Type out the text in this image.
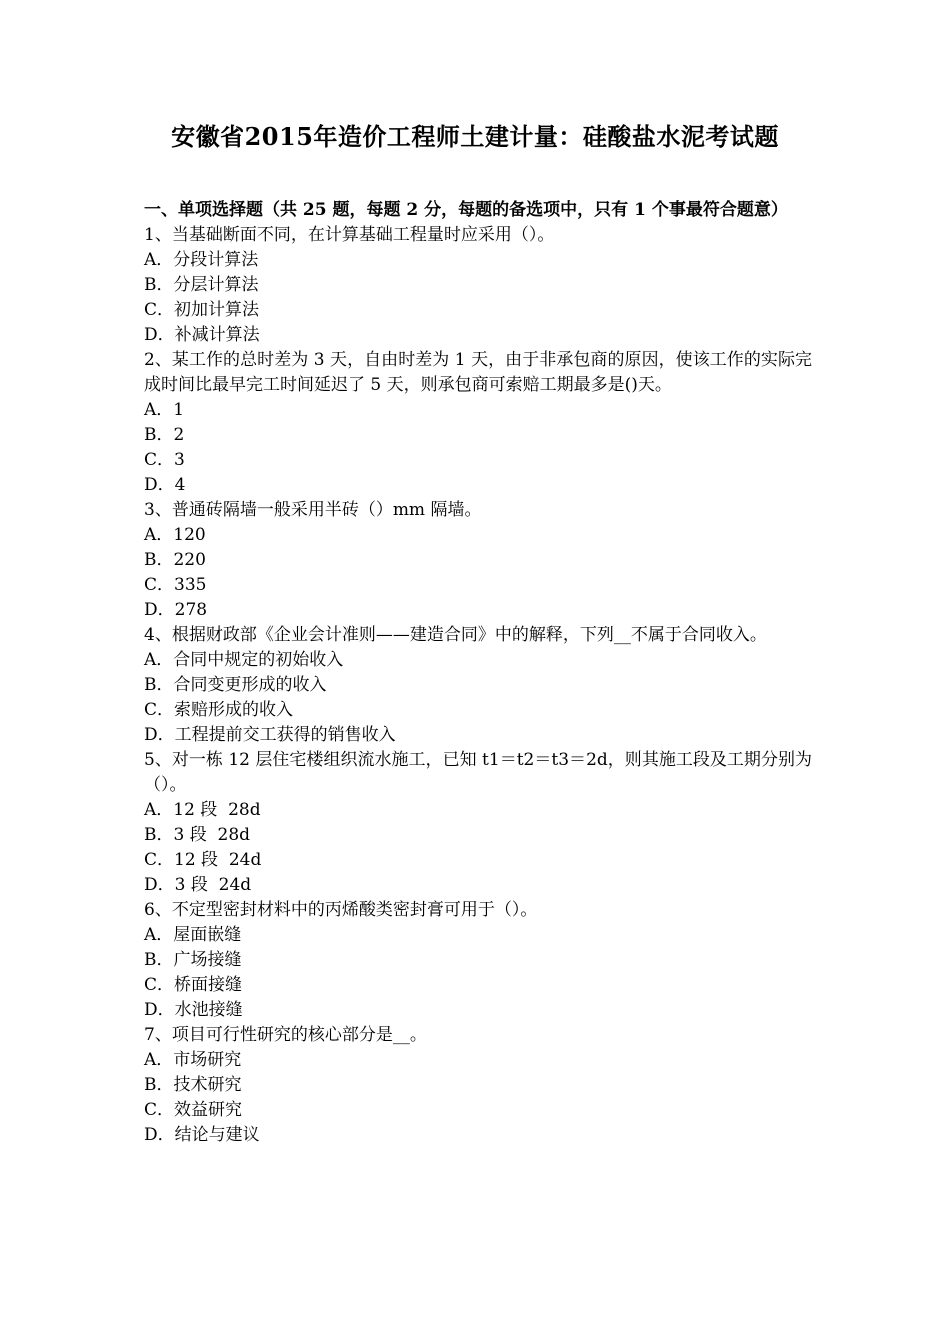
安徽省2015年造价工程师土建计量：硅酸盐水泥考试题

一、单项选择题（共 25 题，每题 2 分，每题的备选项中，只有 1 个事最符合题意）

1、当基础断面不同，在计算基础工程量时应采用（）。

A．分段计算法

B．分层计算法

C．初加计算法

D．补减计算法

2、某工作的总时差为 3 天，自由时差为 1 天，由于非承包商的原因，使该工作的实际完成时间比最早完工时间延迟了 5 天，则承包商可索赔工期最多是()天。

A．1

B．2

C．3

D．4

3、普通砖隔墙一般采用半砖（）mm 隔墙。

A．120

B．220

C．335

D．278

4、根据财政部《企业会计准则——建造合同》中的解释，下列__不属于合同收入。

A．合同中规定的初始收入

B．合同变更形成的收入

C．索赔形成的收入

D．工程提前交工获得的销售收入

5、对一栋 12 层住宅楼组织流水施工，已知 t1＝t2＝t3＝2d，则其施工段及工期分别为（）。

A．12 段  28d

B．3 段  28d

C．12 段  24d

D．3 段  24d

6、不定型密封材料中的丙烯酸类密封膏可用于（）。

A．屋面嵌缝

B．广场接缝

C．桥面接缝

D．水池接缝

7、项目可行性研究的核心部分是__。

A．市场研究

B．技术研究

C．效益研究

D．结论与建议
